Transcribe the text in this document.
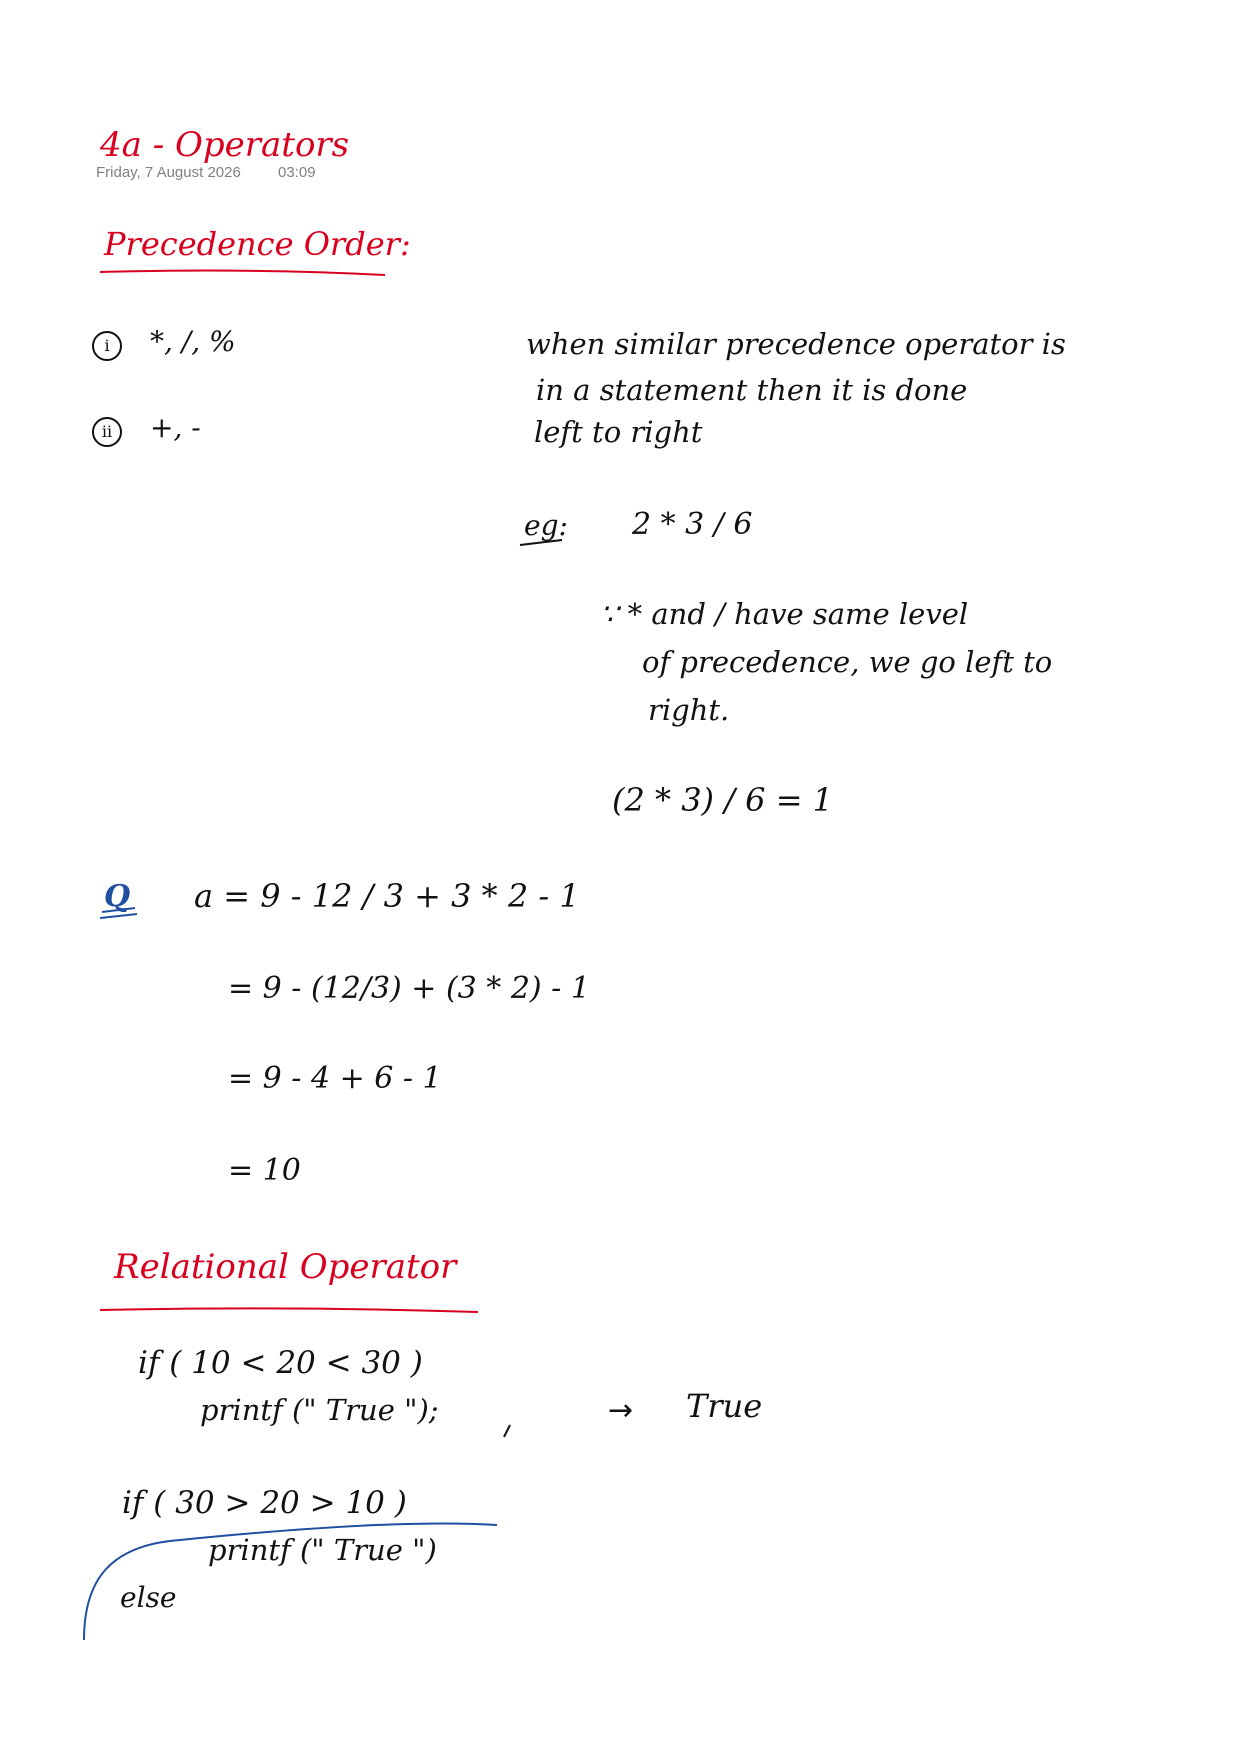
4a - Operators
Friday, 7 August 2026 03:09
Precedence Order:
i *, /, %
ii +, -
when similar precedence operator is
in a statement then it is done
left to right
eg: 2 * 3 / 6
∵ * and / have same level
of precedence, we go left to
right.
(2 * 3) / 6 = 1
Q a = 9 - 12 / 3 + 3 * 2 - 1
= 9 - (12/3) + (3 * 2) - 1
= 9 - 4 + 6 - 1
= 10
Relational Operator
if ( 10 < 20 < 30 )
printf (" True ");	→ True
if ( 30 > 20 > 10 )
printf (" True ")
else
